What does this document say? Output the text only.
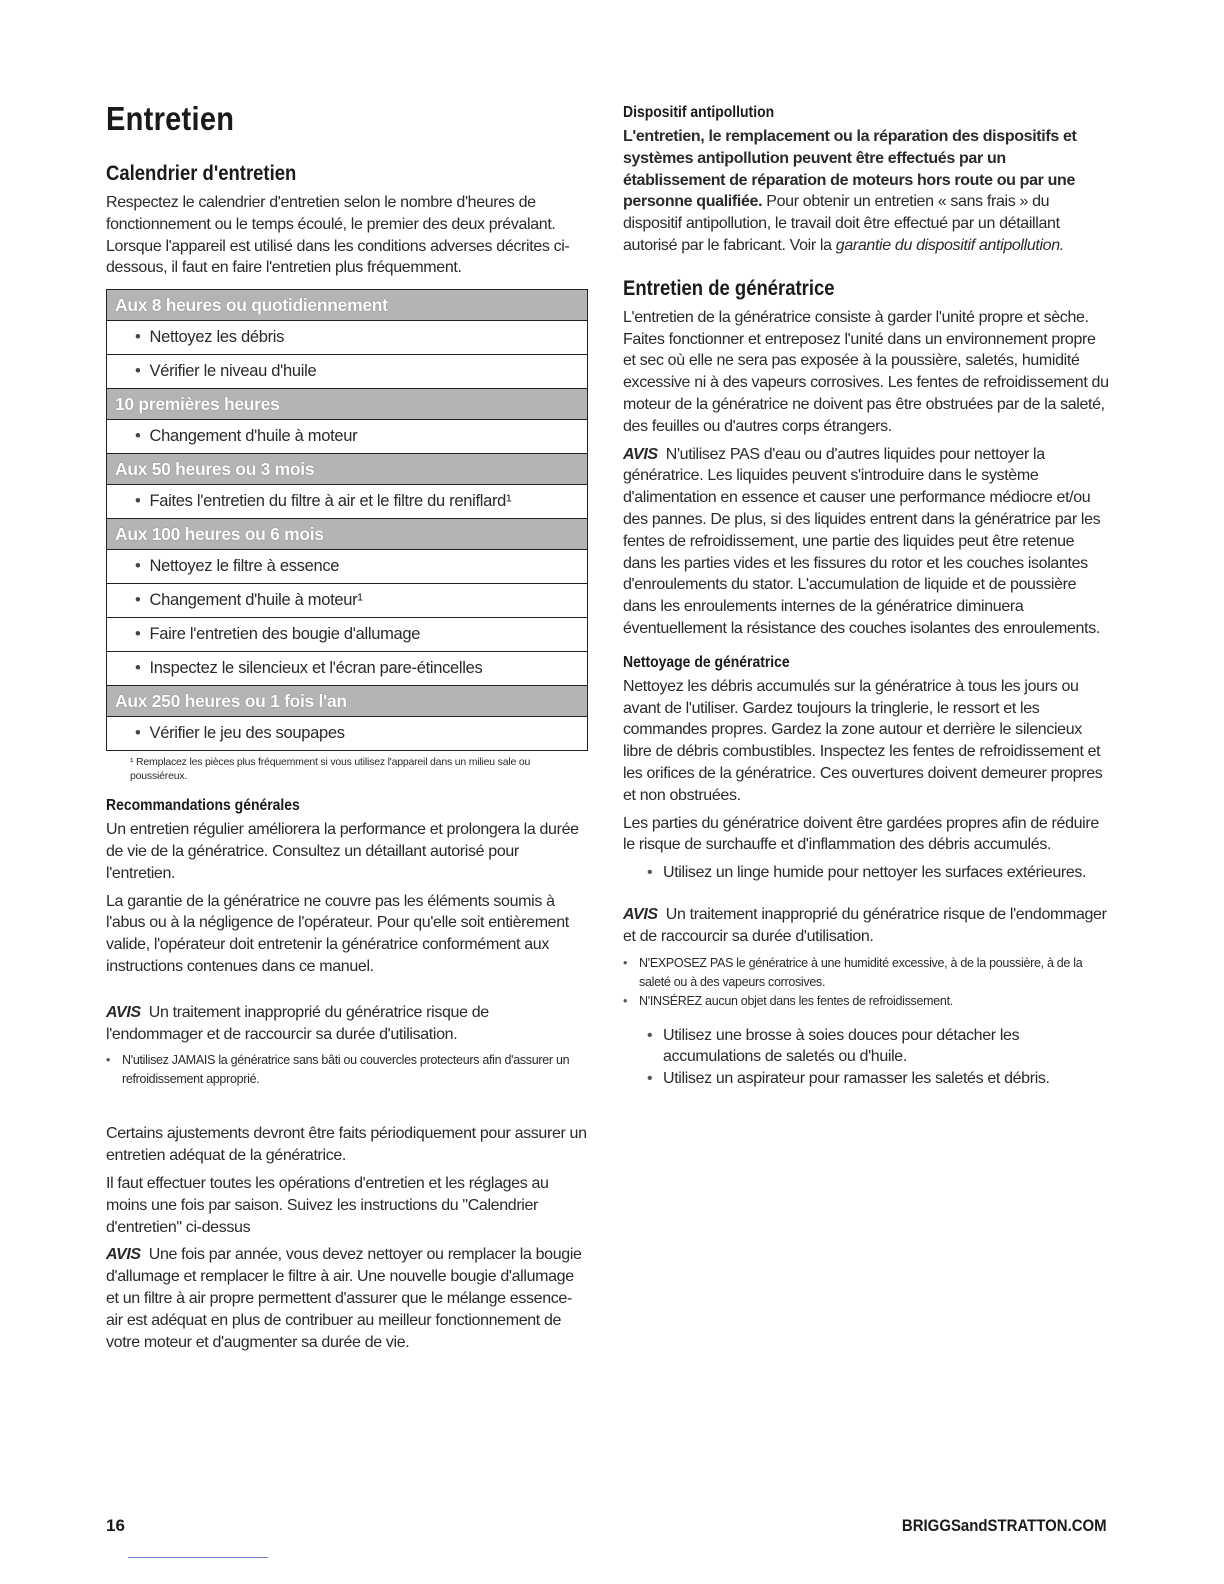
Entretien
Calendrier d'entretien

Respectez le calendrier d'entretien selon le nombre d'heures de fonctionnement ou le temps écoulé, le premier des deux prévalant. Lorsque l'appareil est utilisé dans les conditions adverses décrites ci-dessous, il faut en faire l'entretien plus fréquemment.

Aux 8 heures ou quotidiennement
• Nettoyez les débris
• Vérifier le niveau d'huile
10 premières heures
• Changement d'huile à moteur
Aux 50 heures ou 3 mois
• Faites l'entretien du filtre à air et le filtre du reniflard¹
Aux 100 heures ou 6 mois
• Nettoyez le filtre à essence
• Changement d'huile à moteur¹
• Faire l'entretien des bougie d'allumage
• Inspectez le silencieux et l'écran pare-étincelles
Aux 250 heures ou 1 fois l'an
• Vérifier le jeu des soupapes

¹ Remplacez les pièces plus fréquemment si vous utilisez l'appareil dans un milieu sale ou poussiéreux.

Recommandations générales

Un entretien régulier améliorera la performance et prolongera la durée de vie de la génératrice. Consultez un détaillant autorisé pour l'entretien.

La garantie de la génératrice ne couvre pas les éléments soumis à l'abus ou à la négligence de l'opérateur. Pour qu'elle soit entièrement valide, l'opérateur doit entretenir la génératrice conformément aux instructions contenues dans ce manuel.

AVIS Un traitement inapproprié du génératrice risque de l'endommager et de raccourcir sa durée d'utilisation.

• N'utilisez JAMAIS la génératrice sans bâti ou couvercles protecteurs afin d'assurer un refroidissement approprié.

Certains ajustements devront être faits périodiquement pour assurer un entretien adéquat de la génératrice.

Il faut effectuer toutes les opérations d'entretien et les réglages au moins une fois par saison. Suivez les instructions du "Calendrier d'entretien" ci-dessus

AVIS Une fois par année, vous devez nettoyer ou remplacer la bougie d'allumage et remplacer le filtre à air. Une nouvelle bougie d'allumage et un filtre à air propre permettent d'assurer que le mélange essence-air est adéquat en plus de contribuer au meilleur fonctionnement de votre moteur et d'augmenter sa durée de vie.

Dispositif antipollution

L'entretien, le remplacement ou la réparation des dispositifs et systèmes antipollution peuvent être effectués par un établissement de réparation de moteurs hors route ou par une personne qualifiée. Pour obtenir un entretien « sans frais » du dispositif antipollution, le travail doit être effectué par un détaillant autorisé par le fabricant. Voir la garantie du dispositif antipollution.

Entretien de génératrice

L'entretien de la génératrice consiste à garder l'unité propre et sèche. Faites fonctionner et entreposez l'unité dans un environnement propre et sec où elle ne sera pas exposée à la poussière, saletés, humidité excessive ni à des vapeurs corrosives. Les fentes de refroidissement du moteur de la génératrice ne doivent pas être obstruées par de la saleté, des feuilles ou d'autres corps étrangers.

AVIS N'utilisez PAS d'eau ou d'autres liquides pour nettoyer la génératrice. Les liquides peuvent s'introduire dans le système d'alimentation en essence et causer une performance médiocre et/ou des pannes. De plus, si des liquides entrent dans la génératrice par les fentes de refroidissement, une partie des liquides peut être retenue dans les parties vides et les fissures du rotor et les couches isolantes d'enroulements du stator. L'accumulation de liquide et de poussière dans les enroulements internes de la génératrice diminuera éventuellement la résistance des couches isolantes des enroulements.

Nettoyage de génératrice

Nettoyez les débris accumulés sur la génératrice à tous les jours ou avant de l'utiliser. Gardez toujours la tringlerie, le ressort et les commandes propres. Gardez la zone autour et derrière le silencieux libre de débris combustibles. Inspectez les fentes de refroidissement et les orifices de la génératrice. Ces ouvertures doivent demeurer propres et non obstruées.

Les parties du génératrice doivent être gardées propres afin de réduire le risque de surchauffe et d'inflammation des débris accumulés.

• Utilisez un linge humide pour nettoyer les surfaces extérieures.

AVIS Un traitement inapproprié du génératrice risque de l'endommager et de raccourcir sa durée d'utilisation.

• N'EXPOSEZ PAS le génératrice à une humidité excessive, à de la poussière, à de la saleté ou à des vapeurs corrosives.
• N'INSÉREZ aucun objet dans les fentes de refroidissement.
• Utilisez une brosse à soies douces pour détacher les accumulations de saletés ou d'huile.
• Utilisez un aspirateur pour ramasser les saletés et débris.
16	BRIGGSandSTRATTON.COM
